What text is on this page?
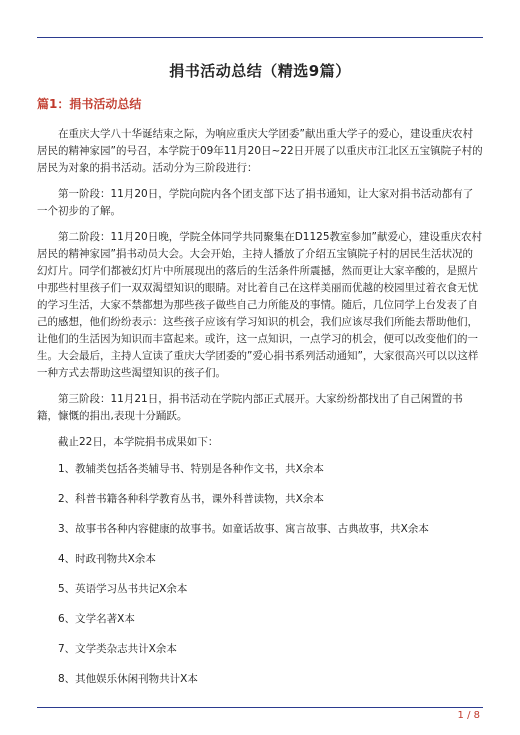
捐书活动总结（精选9篇）
篇1：捐书活动总结

在重庆大学八十华诞结束之际，为响应重庆大学团委”献出重大学子的爱心，建设重庆农村居民的精神家园”的号召，本学院于09年11月20日~22日开展了以重庆市江北区五宝镇院子村的居民为对象的捐书活动。活动分为三阶段进行：

第一阶段：11月20日，学院向院内各个团支部下达了捐书通知，让大家对捐书活动都有了一个初步的了解。

第二阶段：11月20日晚，学院全体同学共同聚集在D1125教室参加”献爱心，建设重庆农村居民的精神家园”捐书动员大会。大会开始，主持人播放了介绍五宝镇院子村的居民生活状况的幻灯片。同学们都被幻灯片中所展现出的落后的生活条件所震撼，然而更让大家辛酸的，是照片中那些村里孩子们一双双渴望知识的眼睛。对比着自己在这样美丽而优越的校园里过着衣食无忧的学习生活，大家不禁都想为那些孩子做些自己力所能及的事情。随后，几位同学上台发表了自己的感想，他们纷纷表示：这些孩子应该有学习知识的机会，我们应该尽我们所能去帮助他们，让他们的生活因为知识而丰富起来。或许，这一点知识，一点学习的机会，便可以改变他们的一生。大会最后，主持人宣读了重庆大学团委的”爱心捐书系列活动通知”，大家很高兴可以以这样一种方式去帮助这些渴望知识的孩子们。

第三阶段：11月21日，捐书活动在学院内部正式展开。大家纷纷都找出了自己闲置的书籍，慷慨的捐出,表现十分踊跃。

截止22日，本学院捐书成果如下：

1、教辅类包括各类辅导书、特别是各种作文书，共X余本

2、科普书籍各种科学教育丛书，课外科普读物，共X余本

3、故事书各种内容健康的故事书。如童话故事、寓言故事、古典故事，共X余本

4、时政刊物共X余本

5、英语学习丛书共记X余本

6、文学名著X本

7、文学类杂志共计X余本

8、其他娱乐休闲刊物共计X本

1 / 8
